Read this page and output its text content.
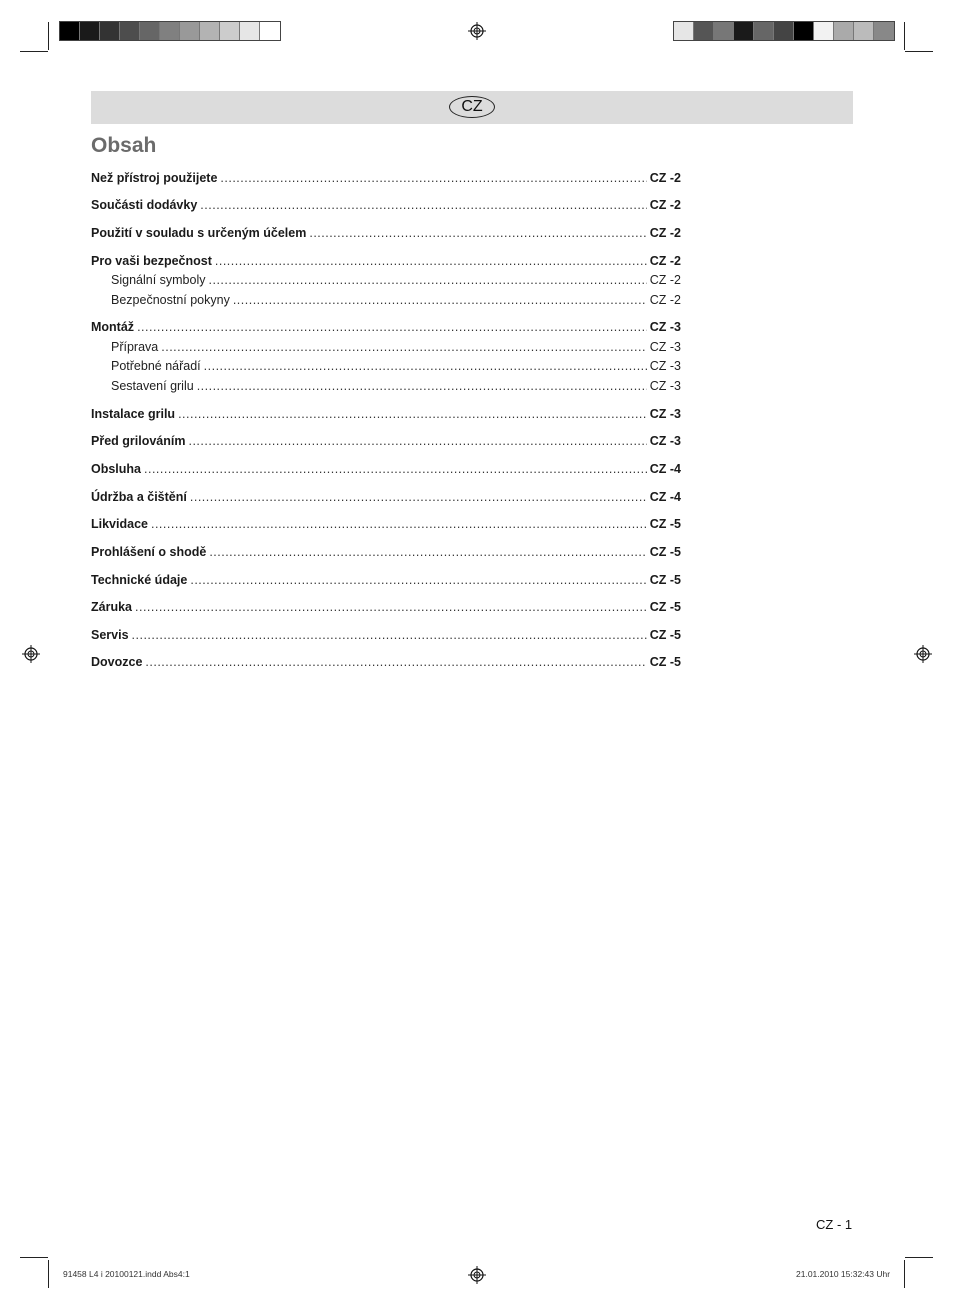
CZ
Obsah
Než přístroj použijete .....	CZ -2
Součásti dodávky .....	CZ -2
Použití v souladu s určeným účelem .....	CZ -2
Pro vaši bezpečnost .....	CZ -2
Signální symboly .....	CZ -2
Bezpečnostní pokyny .....	CZ -2
Montáž .....	CZ -3
Příprava .....	CZ -3
Potřebné nářadí .....	CZ -3
Sestavení grilu .....	CZ -3
Instalace grilu .....	CZ -3
Před grilováním .....	CZ -3
Obsluha .....	CZ -4
Údržba a čištění .....	CZ -4
Likvidace .....	CZ -5
Prohlášení o shodě .....	CZ -5
Technické údaje .....	CZ -5
Záruka .....	CZ -5
Servis .....	CZ -5
Dovozce .....	CZ -5
CZ - 1
91458 L4 i 20100121.indd Abs4:1	21.01.2010 15:32:43 Uhr
